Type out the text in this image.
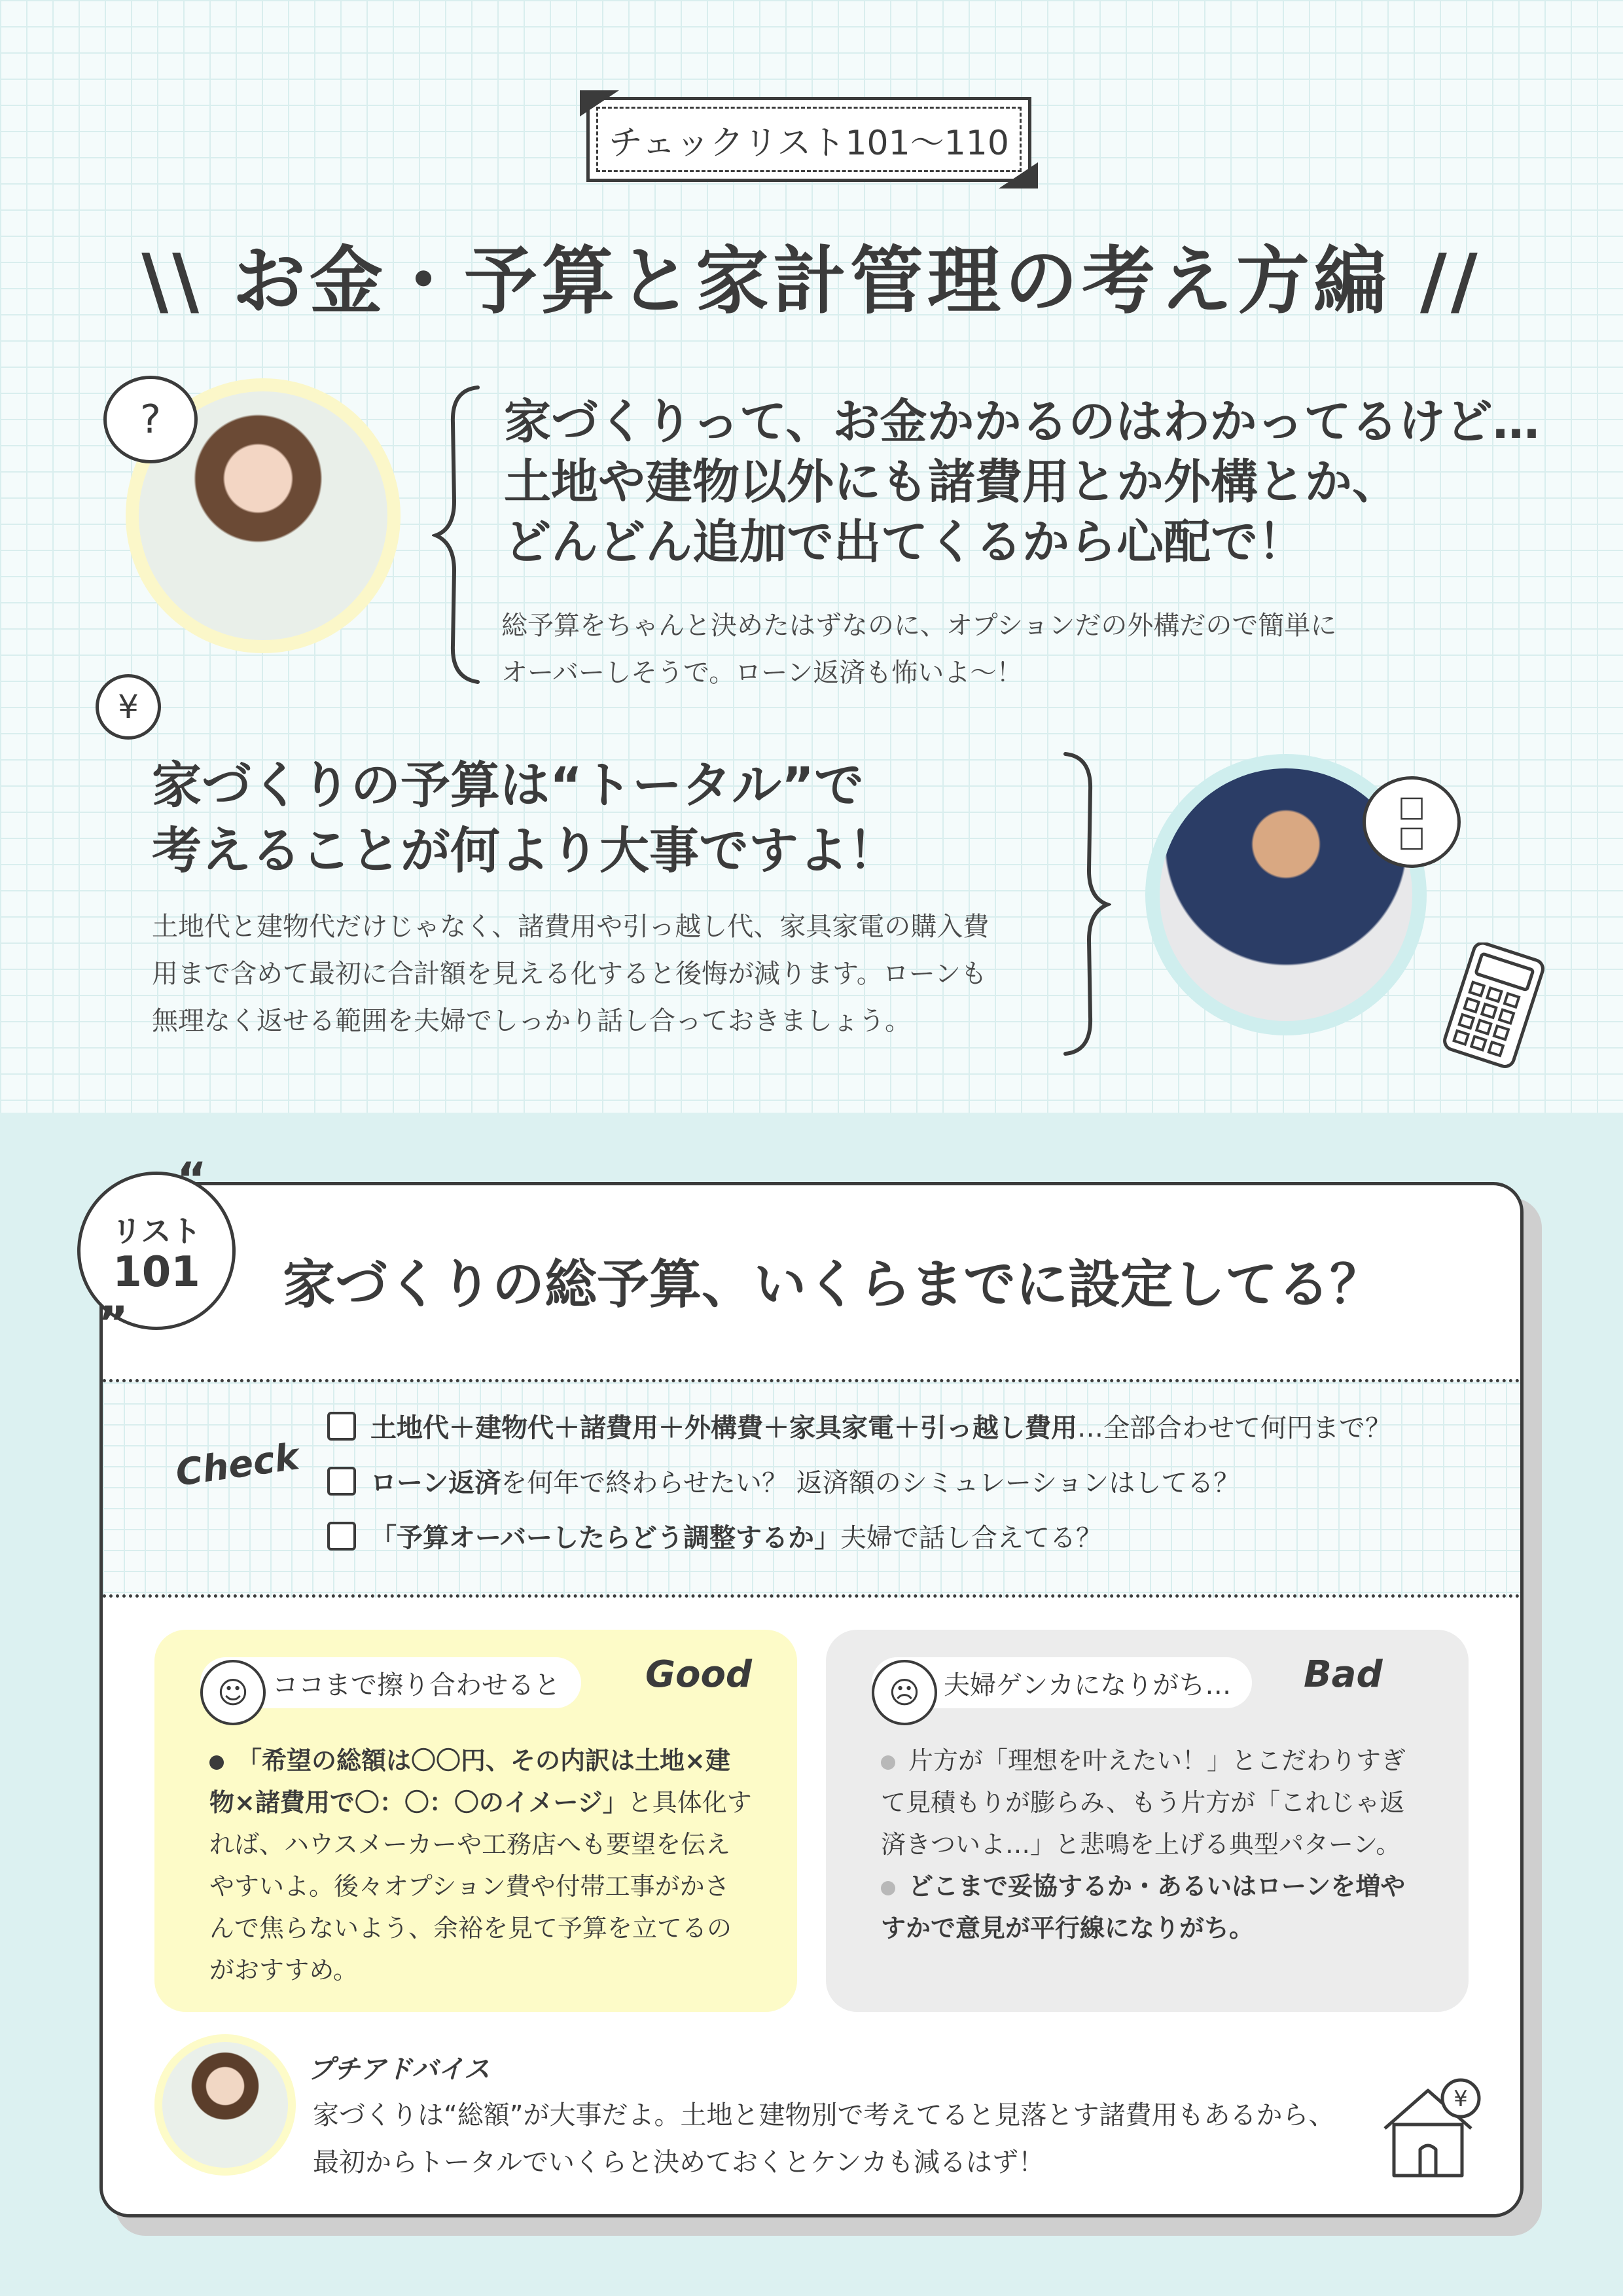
チェックリスト101〜110
\\ お金・予算と家計管理の考え方編 //
?	家づくりって、お金かかるのはわかってるけど…
土地や建物以外にも諸費用とか外構とか、
どんどん追加で出てくるから心配で！
総予算をちゃんと決めたはずなのに、オプションだの外構だので簡単に
オーバーしそうで。ローン返済も怖いよ〜！
¥
家づくりの予算は“トータル”で
考えることが何より大事ですよ！
土地代と建物代だけじゃなく、諸費用や引っ越し代、家具家電の購入費
用まで含めて最初に合計額を見える化すると後悔が減ります。ローンも
無理なく返せる範囲を夫婦でしっかり話し合っておきましょう。
□
□
リスト
101
“
”
家づくりの総予算、いくらまでに設定してる？
Check
土地代＋建物代＋諸費用＋外構費＋家具家電＋引っ越し費用…全部合わせて何円まで？
ローン返済を何年で終わらせたい？ 返済額のシミュレーションはしてる？
「予算オーバーしたらどう調整するか」夫婦で話し合えてる？
ココまで擦り合わせると
☺	Good
「希望の総額は〇〇円、その内訳は土地×建物×諸費用で〇：〇：〇のイメージ」と具体化すれば、ハウスメーカーや工務店へも要望を伝えやすいよ。後々オプション費や付帯工事がかさんで焦らないよう、余裕を見て予算を立てるのがおすすめ。
夫婦ゲンカになりがち…
☹	Bad
片方が「理想を叶えたい！」とこだわりすぎて見積もりが膨らみ、もう片方が「これじゃ返済きついよ…」と悲鳴を上げる典型パターン。
どこまで妥協するか・あるいはローンを増やすかで意見が平行線になりがち。
プチアドバイス
家づくりは“総額”が大事だよ。土地と建物別で考えてると見落とす諸費用もあるから、
最初からトータルでいくらと決めておくとケンカも減るはず！
¥
